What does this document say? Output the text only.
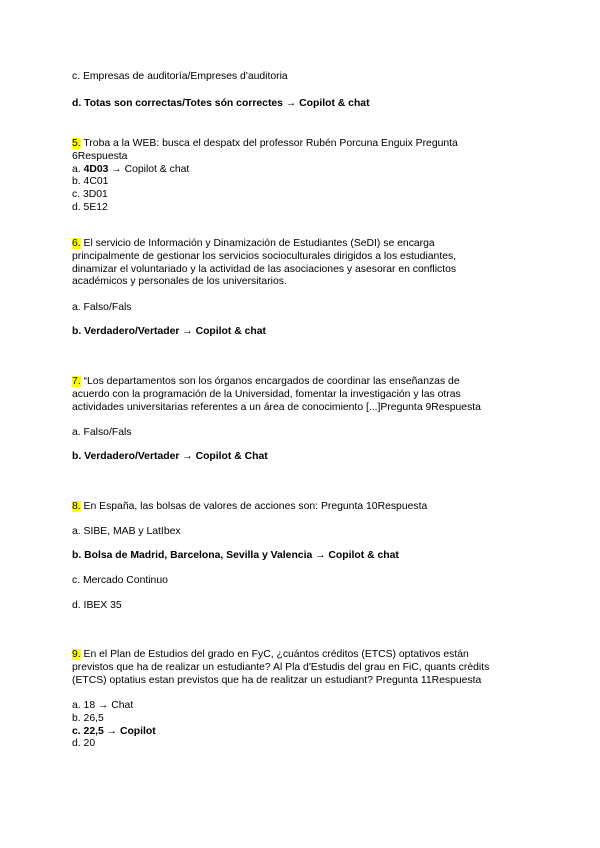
c. Empresas de auditoría/Empreses d'auditoria
d. Totas son correctas/Totes són correctes → Copilot & chat
5. Troba a la WEB: busca el despatx del professor Rubén Porcuna Enguix Pregunta
6Respuesta
a. 4D03 → Copilot & chat
b. 4C01
c. 3D01
d. 5E12
6. El servicio de Información y Dinamización de Estudiantes (SeDI) se encarga
principalmente de gestionar los servicios socioculturales dirigidos a los estudiantes,
dinamizar el voluntariado y la actividad de las asociaciones y asesorar en conflictos
académicos y personales de los universitarios.
a. Falso/Fals
b. Verdadero/Vertader → Copilot & chat
7. “Los departamentos son los órganos encargados de coordinar las enseñanzas de
acuerdo con la programación de la Universidad, fomentar la investigación y las otras
actividades universitarias referentes a un área de conocimiento [...]Pregunta 9Respuesta
a. Falso/Fals
b. Verdadero/Vertader → Copilot & Chat
8. En España, las bolsas de valores de acciones son: Pregunta 10Respuesta
a. SIBE, MAB y LatIbex
b. Bolsa de Madrid, Barcelona, Sevilla y Valencia → Copilot & chat
c. Mercado Continuo
d. IBEX 35
9. En el Plan de Estudios del grado en FyC, ¿cuántos créditos (ETCS) optativos están
previstos que ha de realizar un estudiante? Al Pla d'Estudis del grau en FiC, quants crèdits
(ETCS) optatius estan previstos que ha de realitzar un estudiant? Pregunta 11Respuesta
a. 18 → Chat
b. 26,5
c. 22,5 → Copilot
d. 20
